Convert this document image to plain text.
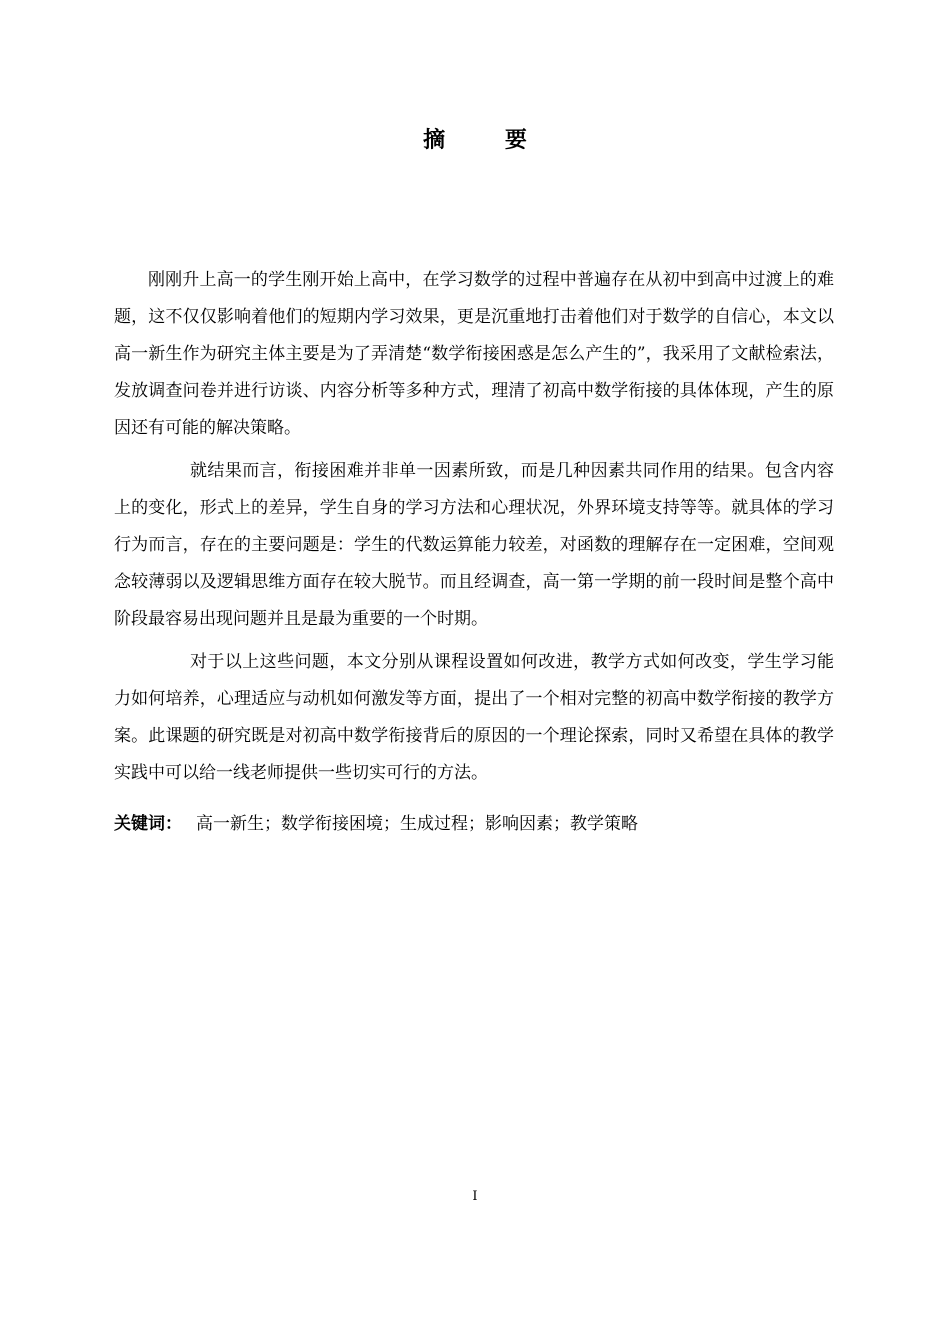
摘 要

刚刚升上高一的学生刚开始上高中，在学习数学的过程中普遍存在从初中到高中过渡上的难题，这不仅仅影响着他们的短期内学习效果，更是沉重地打击着他们对于数学的自信心，本文以高一新生作为研究主体主要是为了弄清楚“数学衔接困惑是怎么产生的”，我采用了文献检索法，发放调查问卷并进行访谈、内容分析等多种方式，理清了初高中数学衔接的具体体现，产生的原因还有可能的解决策略。

就结果而言，衔接困难并非单一因素所致，而是几种因素共同作用的结果。包含内容上的变化，形式上的差异，学生自身的学习方法和心理状况，外界环境支持等等。就具体的学习行为而言，存在的主要问题是：学生的代数运算能力较差，对函数的理解存在一定困难，空间观念较薄弱以及逻辑思维方面存在较大脱节。而且经调查，高一第一学期的前一段时间是整个高中阶段最容易出现问题并且是最为重要的一个时期。

对于以上这些问题，本文分别从课程设置如何改进，教学方式如何改变，学生学习能力如何培养，心理适应与动机如何激发等方面，提出了一个相对完整的初高中数学衔接的教学方案。此课题的研究既是对初高中数学衔接背后的原因的一个理论探索，同时又希望在具体的教学实践中可以给一线老师提供一些切实可行的方法。

关键词： 高一新生；数学衔接困境；生成过程；影响因素；教学策略
I
